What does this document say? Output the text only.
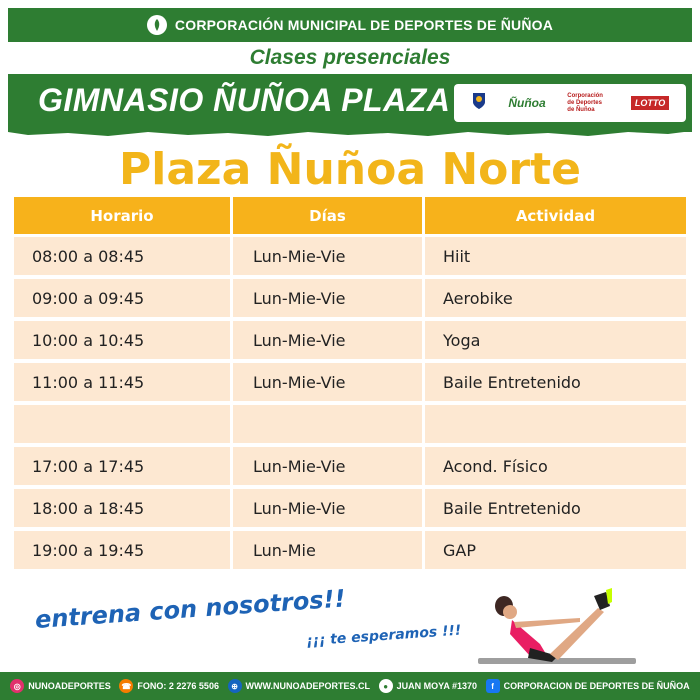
CORPORACIÓN MUNICIPAL DE DEPORTES DE ÑUÑOA
Clases presenciales
GIMNASIO ÑUÑOA PLAZA	Ñuñoa
Corporación de Deportes de Ñuñoa
LOTTO
Plaza Ñuñoa Norte
Horario	Días	Actividad
08:00 a 08:45	Lun-Mie-Vie	Hiit
09:00 a 09:45	Lun-Mie-Vie	Aerobike
10:00 a 10:45	Lun-Mie-Vie	Yoga
11:00 a 11:45	Lun-Mie-Vie	Baile Entretenido
17:00 a 17:45	Lun-Mie-Vie	Acond. Físico
18:00 a 18:45	Lun-Mie-Vie	Baile Entretenido
19:00 a 19:45	Lun-Mie	GAP
entrena con nosotros!!
¡¡¡ te esperamos !!!
◎ NUNOADEPORTES ☎ FONO: 2 2276 5506	⊕ WWW.NUNOADEPORTES.CL	● JUAN MOYA #1370	f	CORPORACION DE DEPORTES DE ÑUÑOA
